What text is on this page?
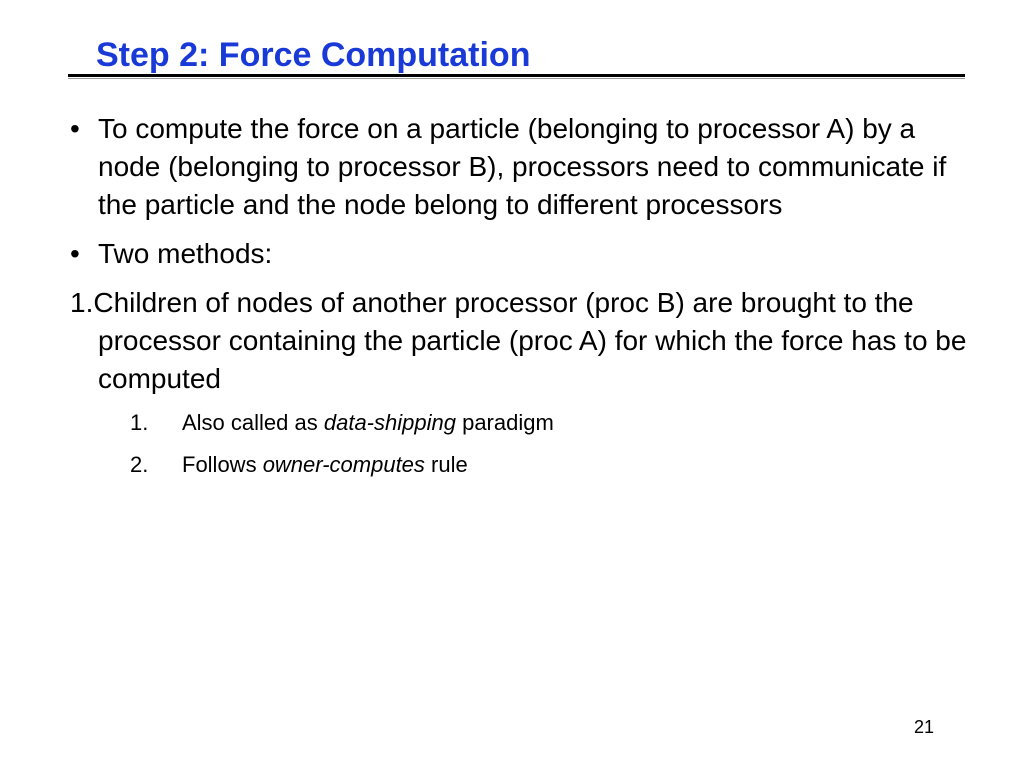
Step 2: Force Computation
• To compute the force on a particle (belonging to processor A) by a node (belonging to processor B), processors need to communicate if the particle and the node belong to different processors
• Two methods:
1.Children of nodes of another processor (proc B) are brought to the processor containing the particle (proc A) for which the force has to be computed
1.	Also called as data-shipping paradigm
2.	Follows owner-computes rule
21
